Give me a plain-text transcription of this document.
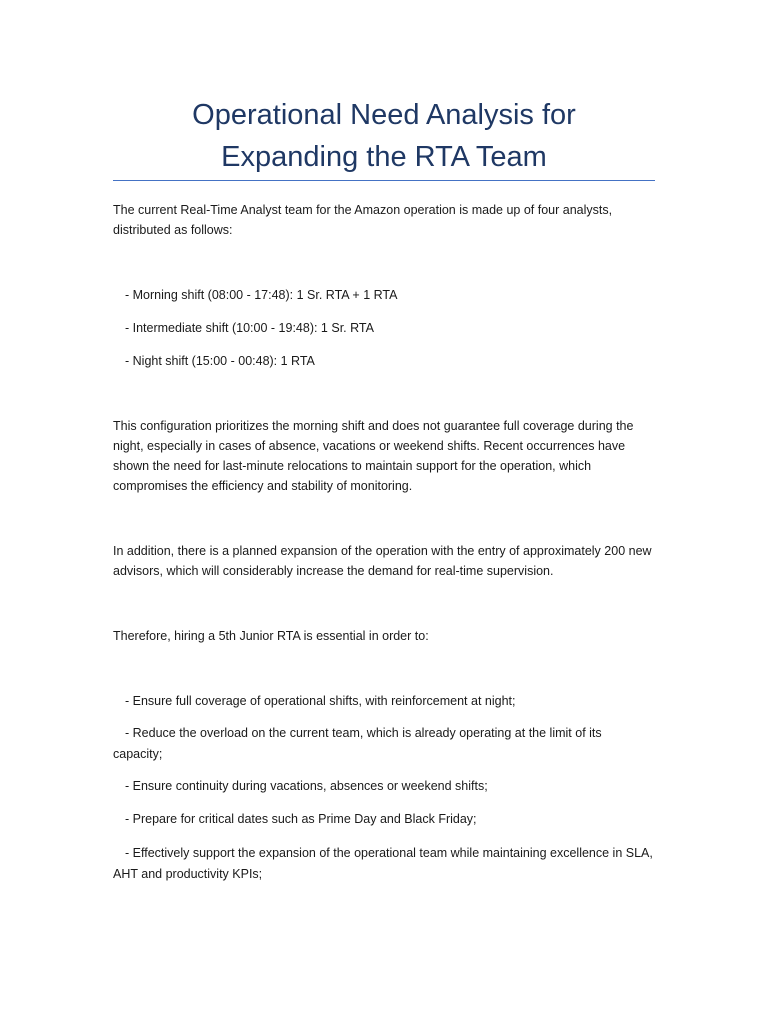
Operational Need Analysis for
Expanding the RTA Team

The current Real-Time Analyst team for the Amazon operation is made up of four analysts, distributed as follows:

- Morning shift (08:00 - 17:48): 1 Sr. RTA + 1 RTA

- Intermediate shift (10:00 - 19:48): 1 Sr. RTA

- Night shift (15:00 - 00:48): 1 RTA

This configuration prioritizes the morning shift and does not guarantee full coverage during the night, especially in cases of absence, vacations or weekend shifts. Recent occurrences have shown the need for last-minute relocations to maintain support for the operation, which compromises the efficiency and stability of monitoring.

In addition, there is a planned expansion of the operation with the entry of approximately 200 new advisors, which will considerably increase the demand for real-time supervision.

Therefore, hiring a 5th Junior RTA is essential in order to:

- Ensure full coverage of operational shifts, with reinforcement at night;

- Reduce the overload on the current team, which is already operating at the limit of its capacity;

- Ensure continuity during vacations, absences or weekend shifts;

- Prepare for critical dates such as Prime Day and Black Friday;

- Effectively support the expansion of the operational team while maintaining excellence in SLA, AHT and productivity KPIs;
